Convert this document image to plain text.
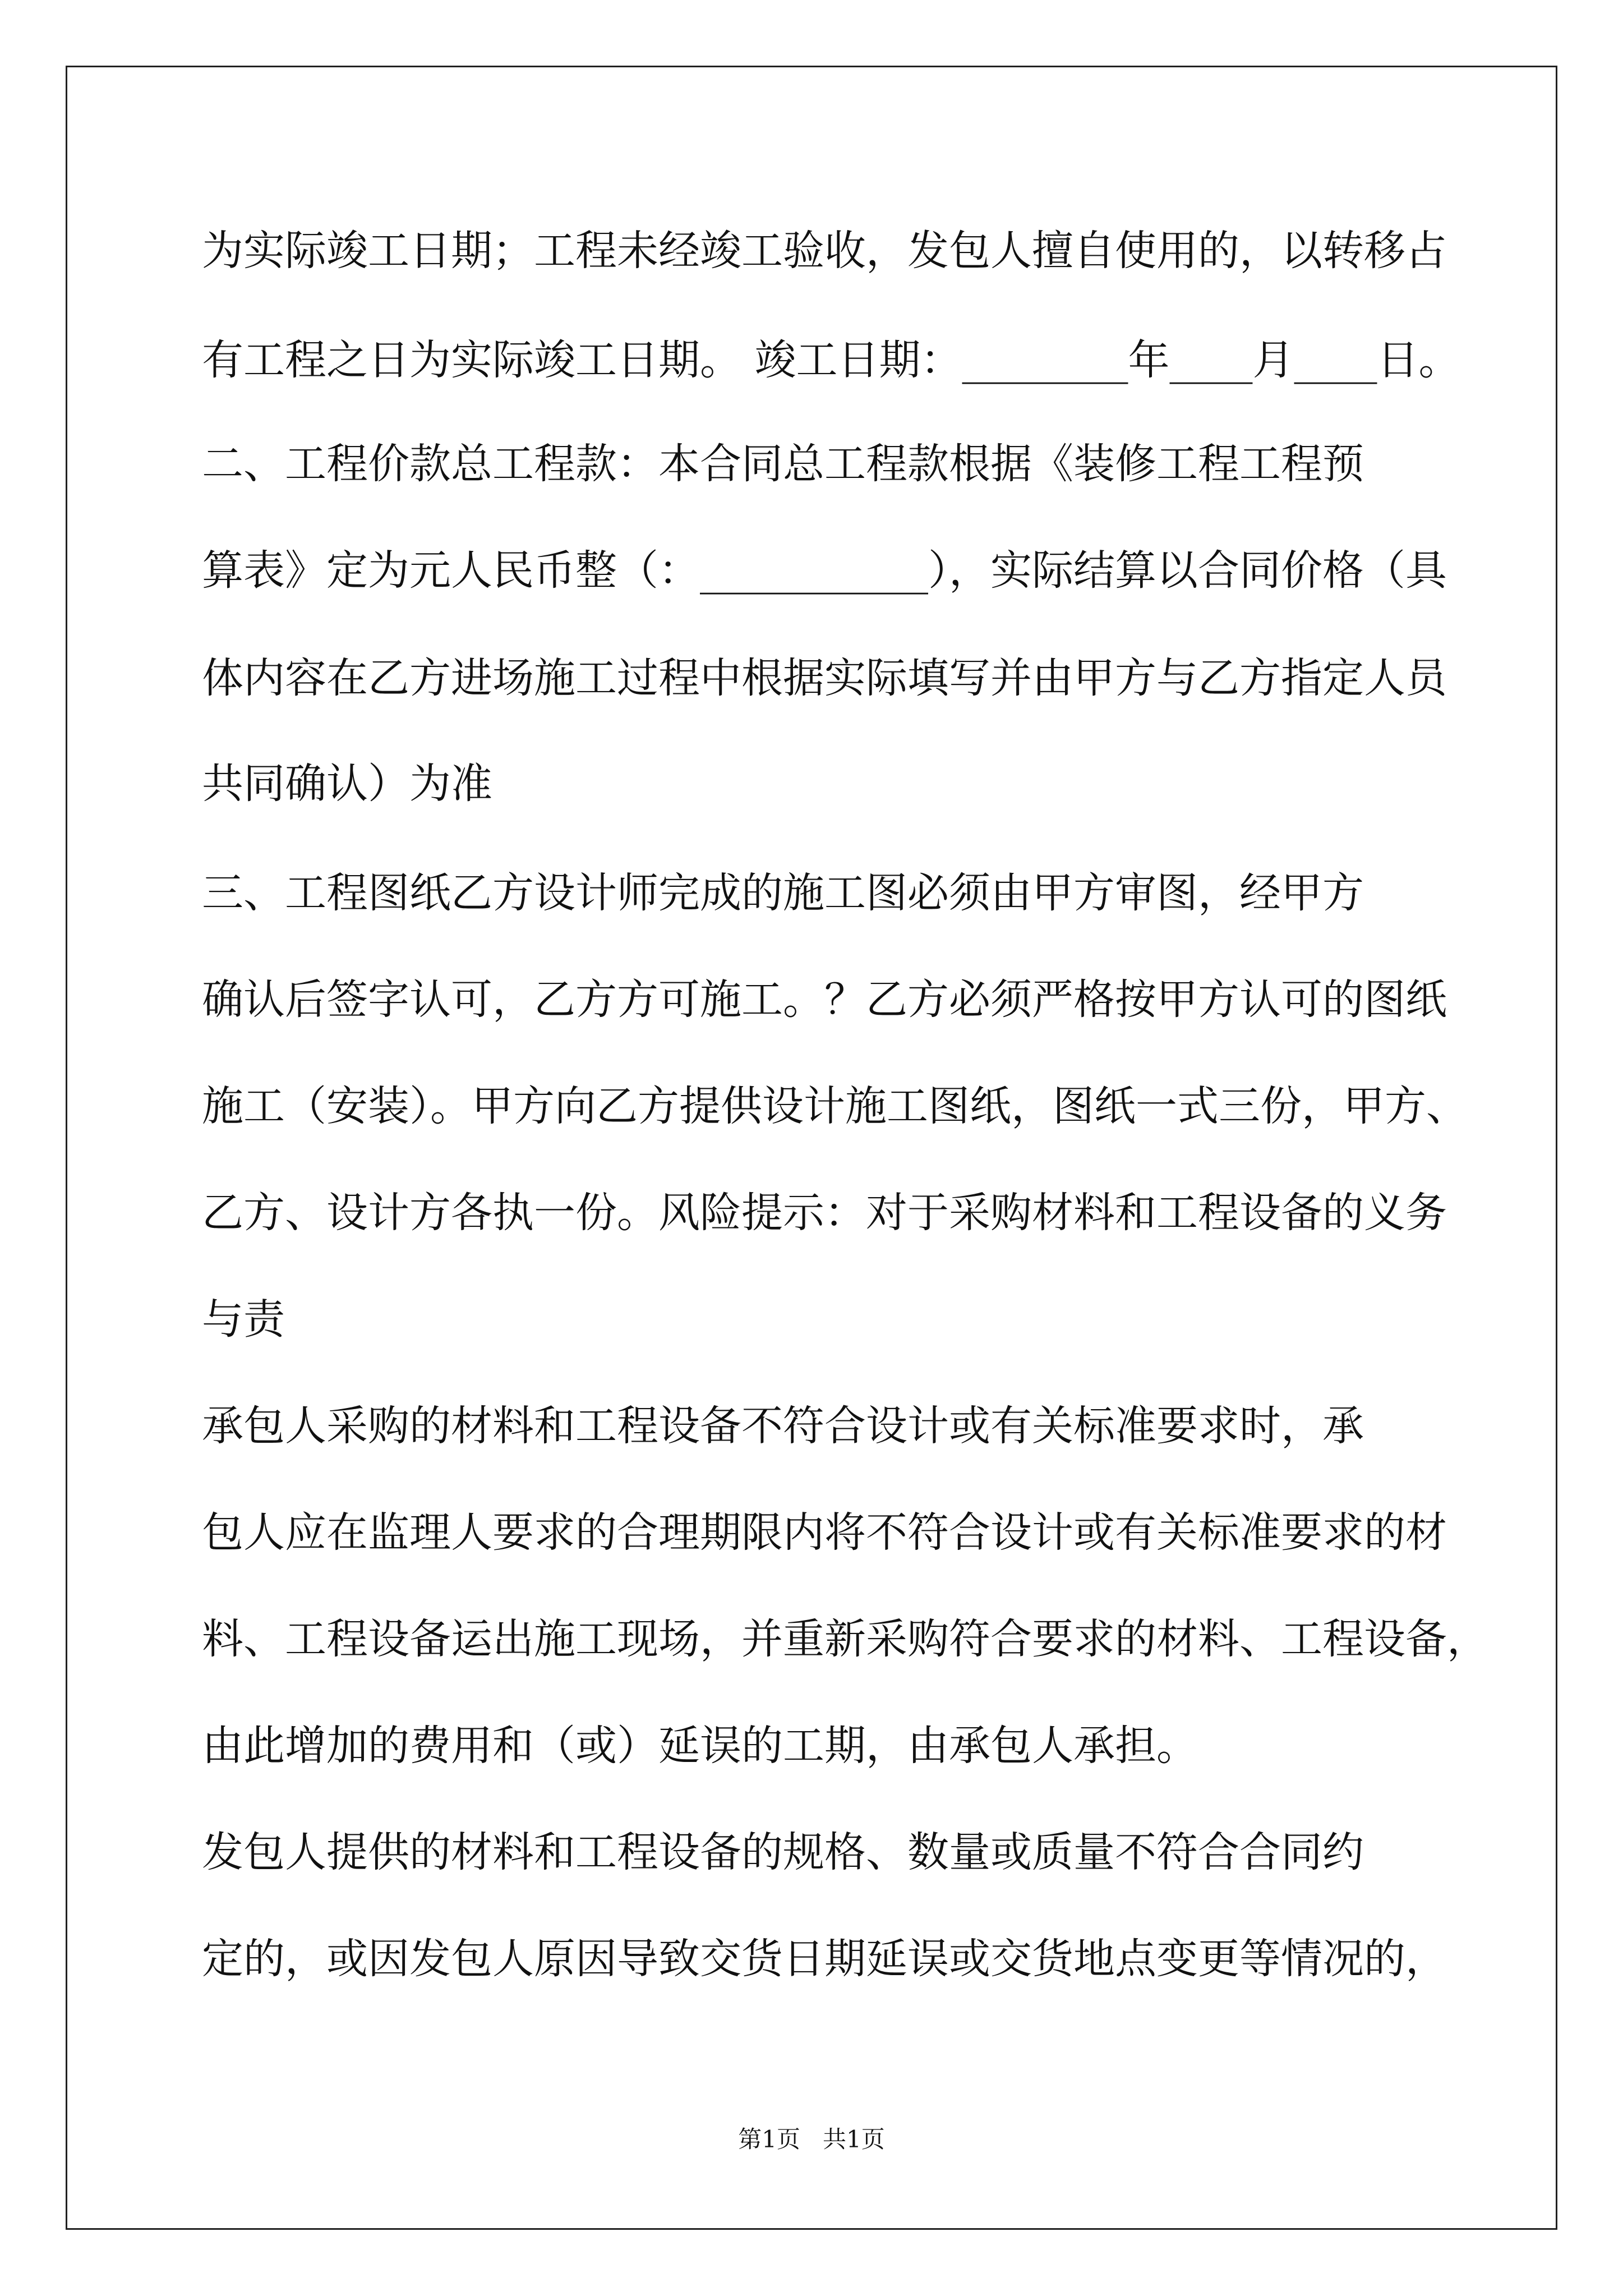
为实际竣工日期；工程未经竣工验收，发包人擅自使用的，以转移占
有工程之日为实际竣工日期。 竣工日期：________年____月____日。
二、工程价款总工程款：本合同总工程款根据《装修工程工程预
算表》定为元人民币整（：___________），实际结算以合同价格（具
体内容在乙方进场施工过程中根据实际填写并由甲方与乙方指定人员
共同确认）为准
三、工程图纸乙方设计师完成的施工图必须由甲方审图，经甲方
确认后签字认可，乙方方可施工。？乙方必须严格按甲方认可的图纸
施工（安装）。甲方向乙方提供设计施工图纸，图纸一式三份，甲方、
乙方、设计方各执一份。风险提示：对于采购材料和工程设备的义务
与责
承包人采购的材料和工程设备不符合设计或有关标准要求时，承
包人应在监理人要求的合理期限内将不符合设计或有关标准要求的材
料、工程设备运出施工现场，并重新采购符合要求的材料、工程设备，
由此增加的费用和（或）延误的工期，由承包人承担。
发包人提供的材料和工程设备的规格、数量或质量不符合合同约
定的，或因发包人原因导致交货日期延误或交货地点变更等情况的，
第1页   共1页
